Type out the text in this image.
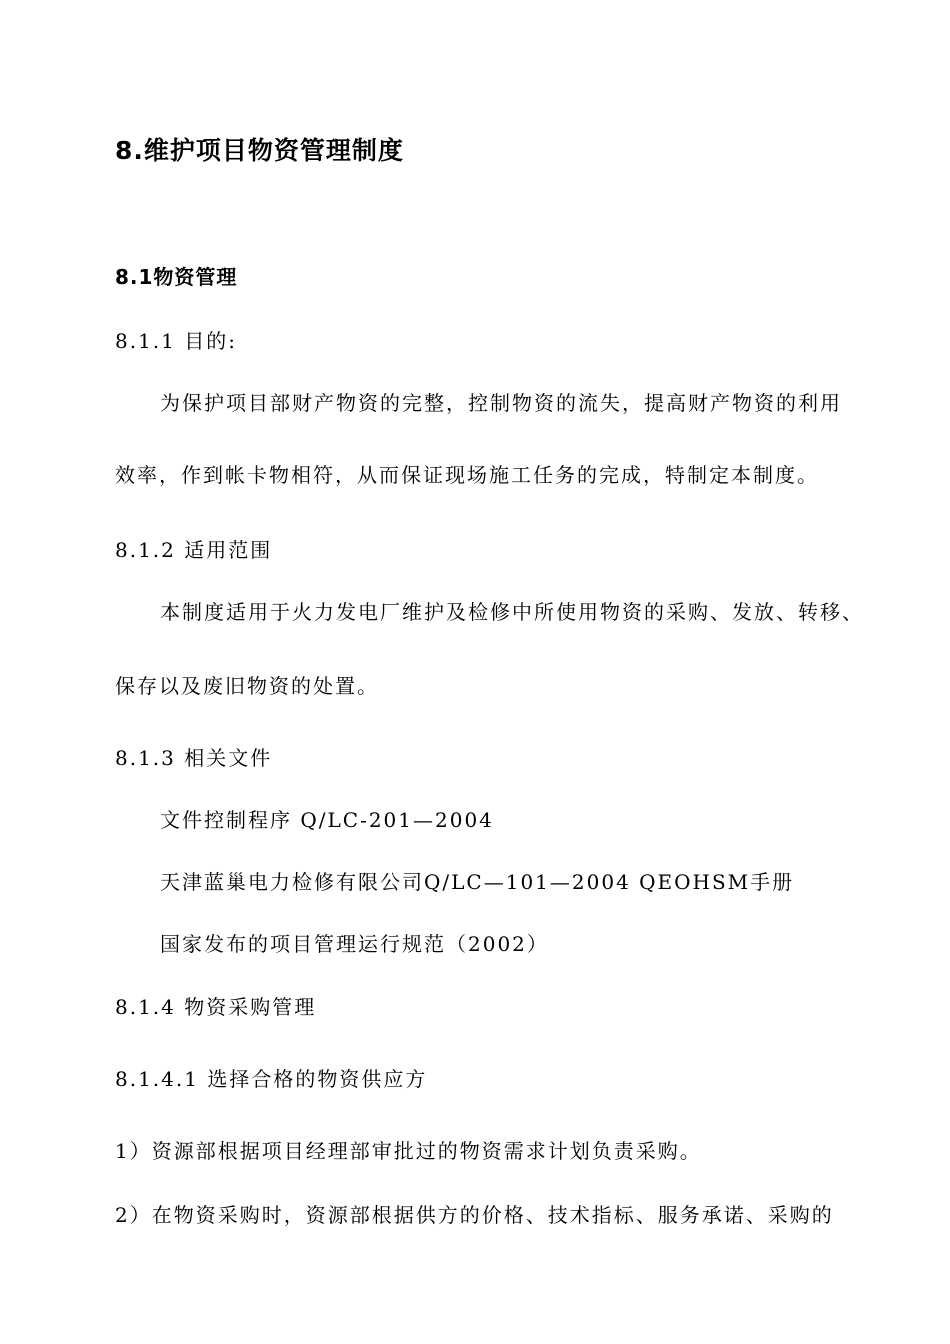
8.维护项目物资管理制度
8.1物资管理
8.1.1 目的:
为保护项目部财产物资的完整，控制物资的流失，提高财产物资的利用
效率，作到帐卡物相符，从而保证现场施工任务的完成，特制定本制度。
8.1.2 适用范围
本制度适用于火力发电厂维护及检修中所使用物资的采购、发放、转移、
保存以及废旧物资的处置。
8.1.3 相关文件
文件控制程序 Q/LC-201—2004
天津蓝巢电力检修有限公司Q/LC—101—2004 QEOHSM手册
国家发布的项目管理运行规范（2002）
8.1.4 物资采购管理
8.1.4.1 选择合格的物资供应方
1）资源部根据项目经理部审批过的物资需求计划负责采购。
2）在物资采购时，资源部根据供方的价格、技术指标、服务承诺、采购的
